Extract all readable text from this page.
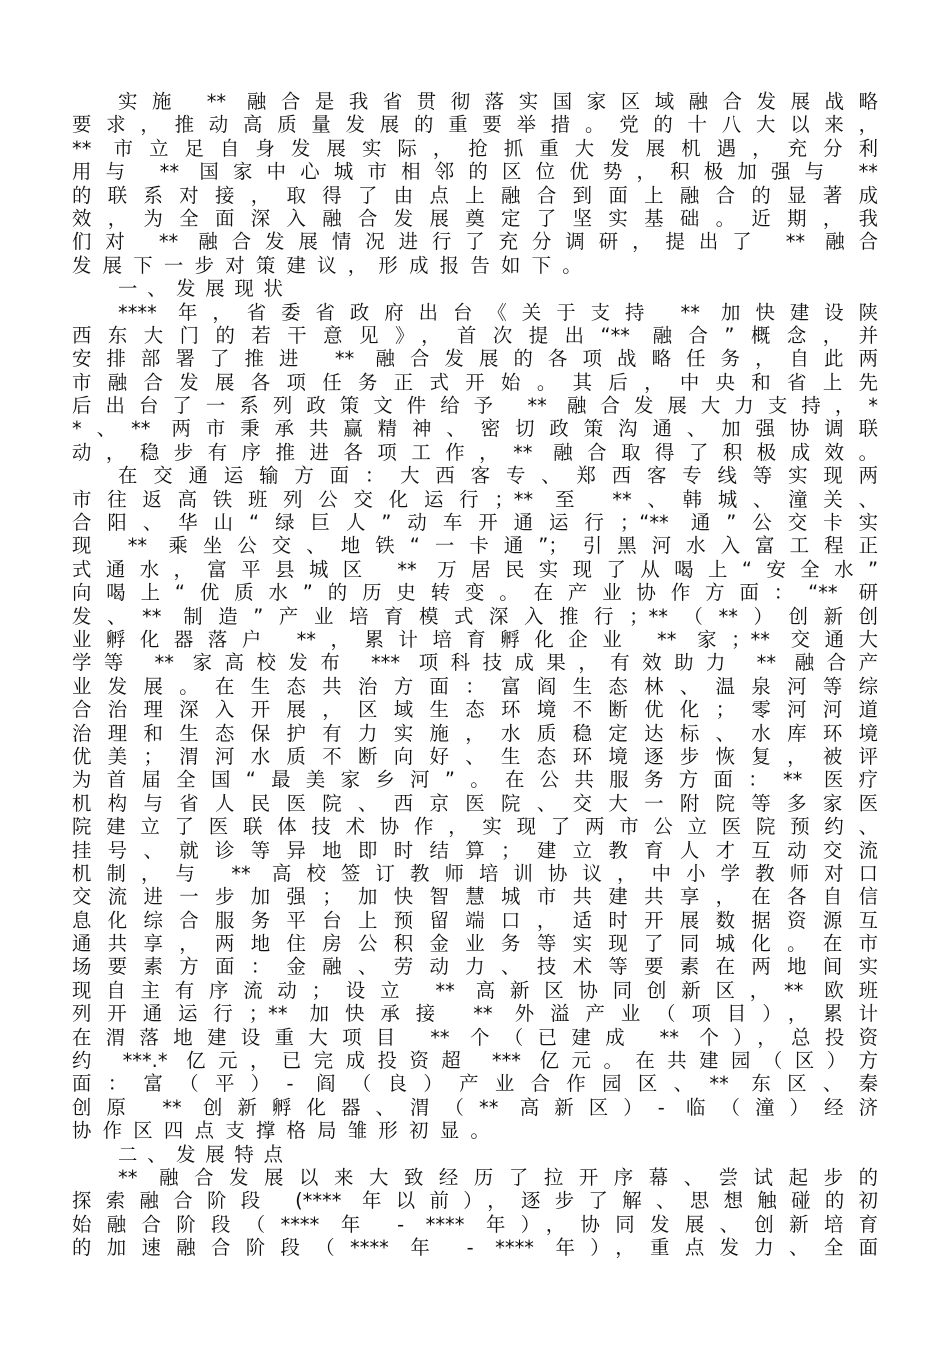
实施 ** 融合是我省贯彻落实国家区域融合发展战略
要求，推动高质量发展的重要举措。党的十八大以来，
** 市立足自身发展实际，抢抓重大发展机遇，充分利
用与 ** 国家中心城市相邻的区位优势，积极加强与 **
的联系对接，取得了由点上融合到面上融合的显著成
效，为全面深入融合发展奠定了坚实基础。近期，我
们对 ** 融合发展情况进行了充分调研，提出了 ** 融合
发展下一步对策建议，形成报告如下。
一、发展现状
**** 年，省委省政府出台《关于支持 ** 加快建设陕
西东大门的若干意见》，首次提出“** 融合”概念，并
安排部署了推进 ** 融合发展的各项战略任务，自此两
市融合发展各项任务正式开始。其后，中央和省上先
后出台了一系列政策文件给予 ** 融合发展大力支持，*
*、** 两市秉承共赢精神、密切政策沟通、加强协调联
动，稳步有序推进各项工作，** 融合取得了积极成效。
在交通运输方面：大西客专、郑西客专线等实现两
市往返高铁班列公交化运行；** 至 **、韩城、潼关、
合阳、华山“绿巨人”动车开通运行；“** 通”公交卡实
现 ** 乘坐公交、地铁“一卡通”；引黑河水入富工程正
式通水，富平县城区 ** 万居民实现了从喝上“安全水”
向喝上“优质水”的历史转变。在产业协作方面：“** 研
发、** 制造”产业培育模式深入推行；**（**）创新创
业孵化器落户 **，累计培育孵化企业 ** 家；** 交通大
学等 ** 家高校发布 *** 项科技成果，有效助力 ** 融合产
业发展。在生态共治方面：富阎生态林、温泉河等综
合治理深入开展，区域生态环境不断优化；零河河道
治理和生态保护有力实施，水质稳定达标、水库环境
优美；渭河水质不断向好、生态环境逐步恢复，被评
为首届全国“最美家乡河”。在公共服务方面：** 医疗
机构与省人民医院、西京医院、交大一附院等多家医
院建立了医联体技术协作，实现了两市公立医院预约、
挂号、就诊等异地即时结算；建立教育人才互动交流
机制，与 ** 高校签订教师培训协议，中小学教师对口
交流进一步加强；加快智慧城市共建共享，在各自信
息化综合服务平台上预留端口，适时开展数据资源互
通共享，两地住房公积金业务等实现了同城化。在市
场要素方面：金融、劳动力、技术等要素在两地间实
现自主有序流动；设立 ** 高新区协同创新区，** 欧班
列开通运行；** 加快承接 ** 外溢产业（项目），累计
在渭落地建设重大项目 ** 个（已建成 ** 个），总投资
约 ***.* 亿元，已完成投资超 *** 亿元。在共建园（区）方
面：富（平）- 阎（良）产业合作园区、** 东区、秦
创原 ** 创新孵化器、渭（** 高新区）- 临（潼）经济
协作区四点支撑格局雏形初显。
二、发展特点
** 融合发展以来大致经历了拉开序幕、尝试起步的
探索融合阶段 (**** 年以前），逐步了解、思想触碰的初
始融合阶段（**** 年 - **** 年），协同发展、创新培育
的加速融合阶段（**** 年 - **** 年），重点发力、全面
